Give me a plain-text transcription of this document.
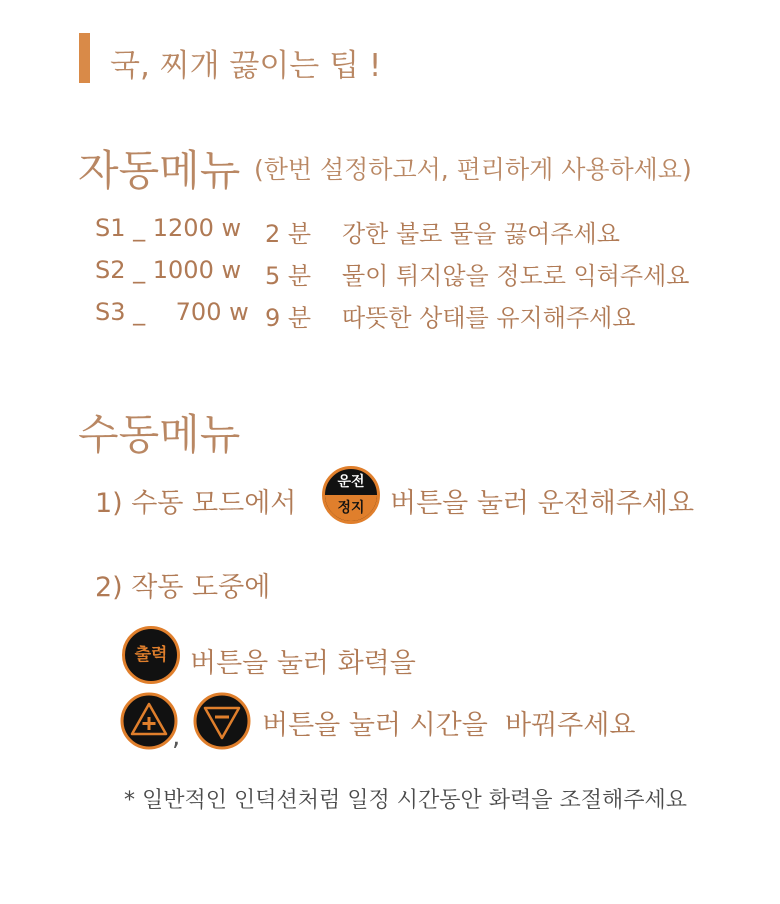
국, 찌개 끓이는 팁 !
자동메뉴 (한번 설정하고서, 편리하게 사용하세요)
S1 _ 1200 w 2 분 강한 불로 물을 끓여주세요
S2 _ 1000 w 5 분 물이 튀지않을 정도로 익혀주세요
S3 _    700 w 9 분 따뜻한 상태를 유지해주세요
수동메뉴
1) 수동 모드에서
운전
정지 버튼을 눌러 운전해주세요
2) 작동 도중에
출력 버튼을 눌러 화력을
,	버튼을 눌러 시간을  바꿔주세요
* 일반적인 인덕션처럼 일정 시간동안 화력을 조절해주세요
